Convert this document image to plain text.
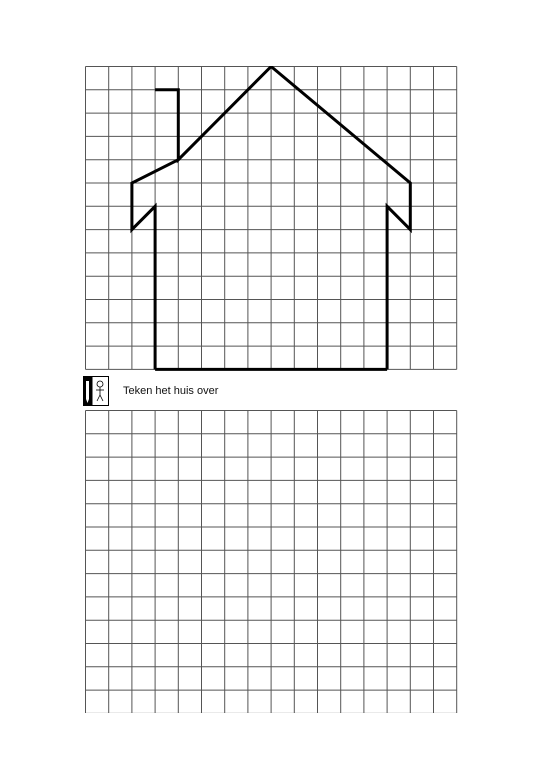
Teken het huis over
